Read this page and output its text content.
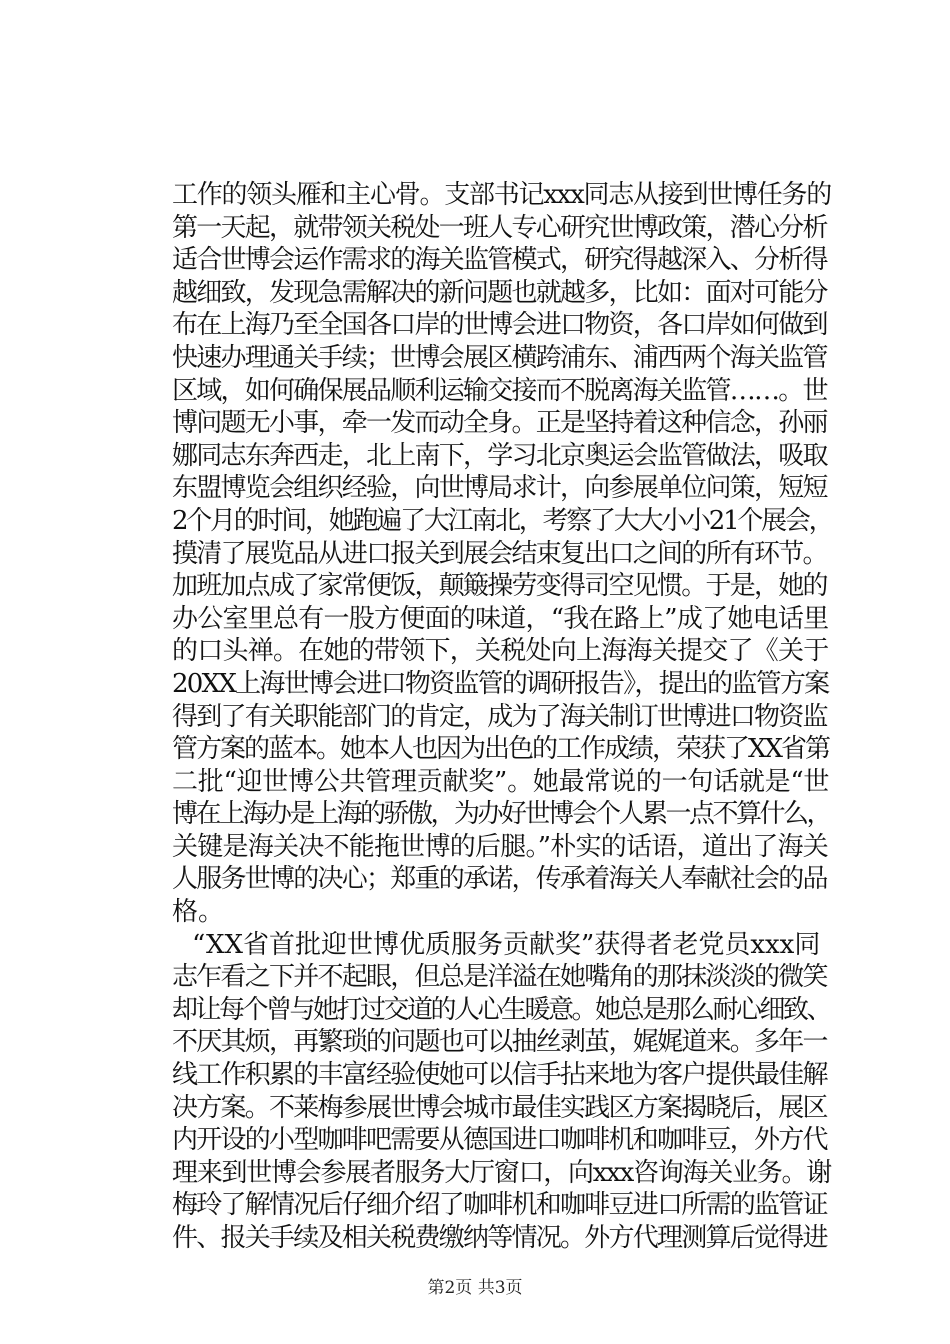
工作的领头雁和主心骨。支部书记xxx同志从接到世博任务的
第一天起，就带领关税处一班人专心研究世博政策，潜心分析
适合世博会运作需求的海关监管模式，研究得越深入、分析得
越细致，发现急需解决的新问题也就越多，比如：面对可能分
布在上海乃至全国各口岸的世博会进口物资，各口岸如何做到
快速办理通关手续；世博会展区横跨浦东、浦西两个海关监管
区域，如何确保展品顺利运输交接而不脱离海关监管……。世
博问题无小事，牵一发而动全身。正是坚持着这种信念，孙丽
娜同志东奔西走，北上南下，学习北京奥运会监管做法，吸取
东盟博览会组织经验，向世博局求计，向参展单位问策，短短
2个月的时间，她跑遍了大江南北，考察了大大小小21个展会，
摸清了展览品从进口报关到展会结束复出口之间的所有环节。
加班加点成了家常便饭，颠簸操劳变得司空见惯。于是，她的
办公室里总有一股方便面的味道，“我在路上”成了她电话里
的口头禅。在她的带领下，关税处向上海海关提交了《关于
20XX上海世博会进口物资监管的调研报告》，提出的监管方案
得到了有关职能部门的肯定，成为了海关制订世博进口物资监
管方案的蓝本。她本人也因为出色的工作成绩，荣获了XX省第
二批“迎世博公共管理贡献奖”。她最常说的一句话就是“世
博在上海办是上海的骄傲，为办好世博会个人累一点不算什么，
关键是海关决不能拖世博的后腿。”朴实的话语，道出了海关
人服务世博的决心；郑重的承诺，传承着海关人奉献社会的品
格。
“XX省首批迎世博优质服务贡献奖”获得者老党员xxx同
志乍看之下并不起眼，但总是洋溢在她嘴角的那抹淡淡的微笑
却让每个曾与她打过交道的人心生暖意。她总是那么耐心细致、
不厌其烦，再繁琐的问题也可以抽丝剥茧，娓娓道来。多年一
线工作积累的丰富经验使她可以信手拈来地为客户提供最佳解
决方案。不莱梅参展世博会城市最佳实践区方案揭晓后，展区
内开设的小型咖啡吧需要从德国进口咖啡机和咖啡豆，外方代
理来到世博会参展者服务大厅窗口，向xxx咨询海关业务。谢
梅玲了解情况后仔细介绍了咖啡机和咖啡豆进口所需的监管证
件、报关手续及相关税费缴纳等情况。外方代理测算后觉得进
第2页 共3页
